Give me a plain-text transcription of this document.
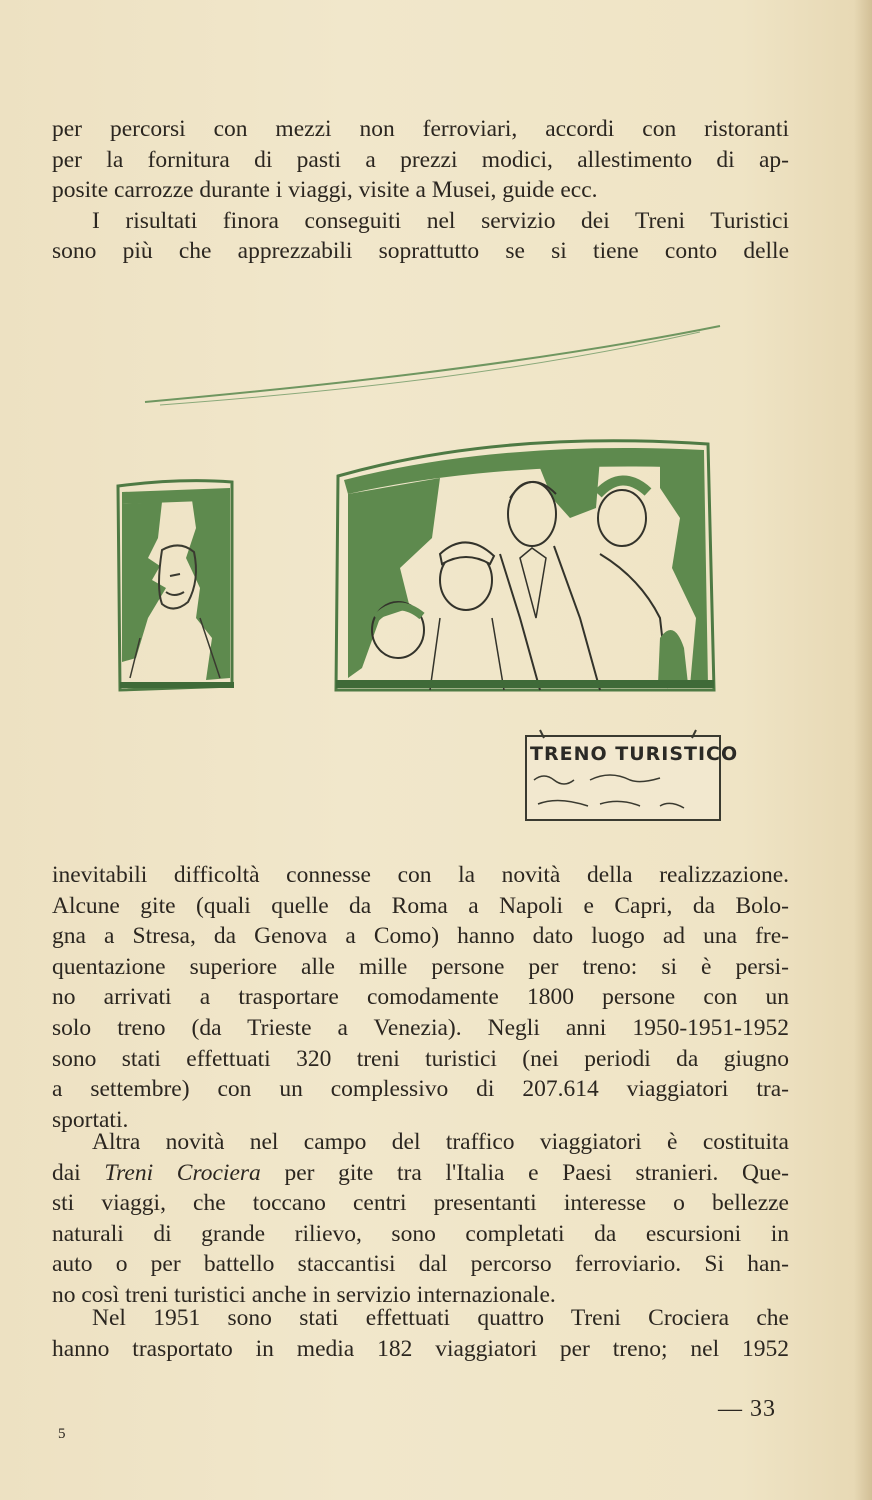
per percorsi con mezzi non ferroviari, accordi con ristoranti
per la fornitura di pasti a prezzi modici, allestimento di ap-
posite carrozze durante i viaggi, visite a Musei, guide ecc.
I risultati finora conseguiti nel servizio dei Treni Turistici
sono più che apprezzabili soprattutto se si tiene conto delle
TRENO TURISTICO
inevitabili difficoltà connesse con la novità della realizzazione.
Alcune gite (quali quelle da Roma a Napoli e Capri, da Bolo-
gna a Stresa, da Genova a Como) hanno dato luogo ad una fre-
quentazione superiore alle mille persone per treno: si è persi-
no arrivati a trasportare comodamente 1800 persone con un
solo treno (da Trieste a Venezia). Negli anni 1950-1951-1952
sono stati effettuati 320 treni turistici (nei periodi da giugno
a settembre) con un complessivo di 207.614 viaggiatori tra-
sportati.
Altra novità nel campo del traffico viaggiatori è costituita
dai Treni Crociera per gite tra l'Italia e Paesi stranieri. Que-
sti viaggi, che toccano centri presentanti interesse o bellezze
naturali di grande rilievo, sono completati da escursioni in
auto o per battello staccantisi dal percorso ferroviario. Si han-
no così treni turistici anche in servizio internazionale.
Nel 1951 sono stati effettuati quattro Treni Crociera che
hanno trasportato in media 182 viaggiatori per treno; nel 1952
— 33
5
